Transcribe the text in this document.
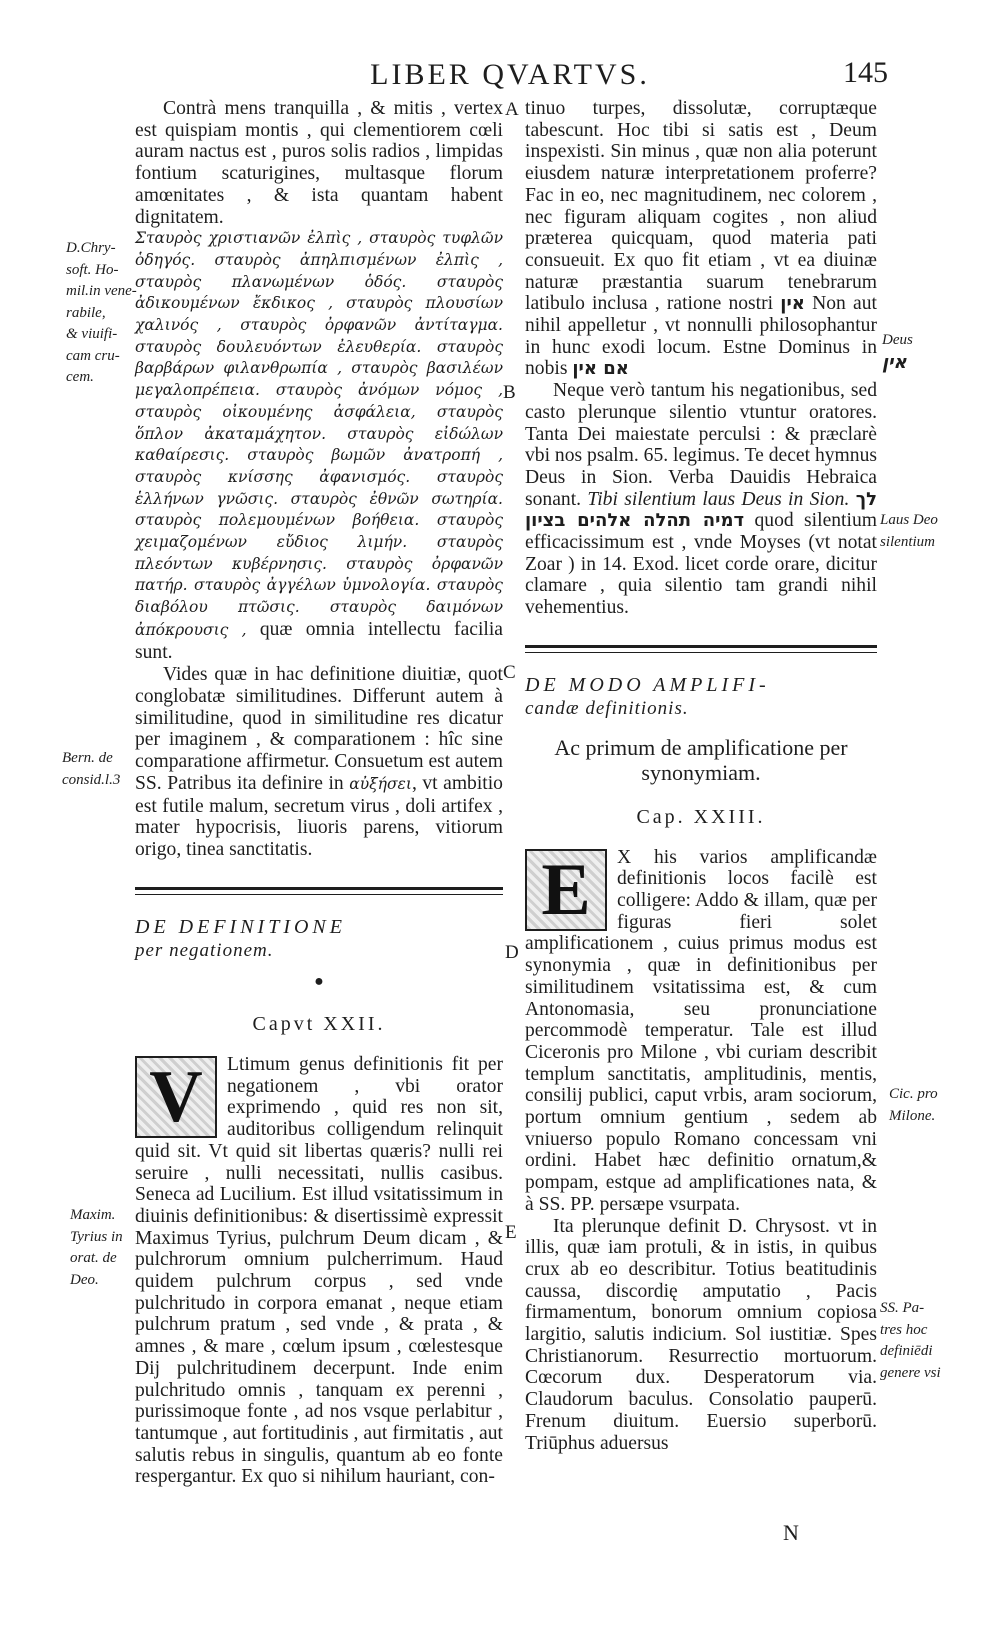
LIBER QVARTVS.	145

Contrà mens tranquilla , & mitis , vertex est quispiam montis , qui clementiorem cœli auram nactus est , puros solis radios , limpidas fontium scaturigines, multasque florum amœnitates , & ista quantam habent dignitatem.

Σταυρὸς χριστιανῶν ἐλπὶς , σταυρὸς τυφλῶν ὁδηγός. σταυρὸς ἀπηλπισμένων ἐλπὶς , σταυρὸς πλανωμένων ὁδός. σταυρὸς ἀδικουμένων ἔκδικος , σταυρὸς πλουσίων χαλινός , σταυρὸς ὀρφανῶν ἀντίταγμα. σταυρὸς δουλευόντων ἐλευθερία. σταυρὸς βαρβάρων φιλανθρωπία , σταυρὸς βασιλέων μεγαλοπρέπεια. σταυρὸς ἀνόμων νόμος , σταυρὸς οἰκουμένης ἀσφάλεια, σταυρὸς ὅπλον ἀκαταμάχητον. σταυρὸς εἰδώλων καθαίρεσις. σταυρὸς βωμῶν ἀνατροπή , σταυρὸς κνίσσης ἀφανισμός. σταυρὸς ἑλλήνων γνῶσις. σταυρὸς ἐθνῶν σωτηρία. σταυρὸς πολεμουμένων βοήθεια. σταυρὸς χειμαζομένων εὔδιος λιμήν. σταυρὸς πλεόντων κυβέρνησις. σταυρὸς ὀρφανῶν πατήρ. σταυρὸς ἀγγέλων ὑμνολογία. σταυρὸς διαβόλου πτῶσις. σταυρὸς δαιμόνων ἀπόκρουσις , quæ omnia intellectu facilia sunt.

Vides quæ in hac definitione diuitiæ, quot conglobatæ similitudines. Differunt autem à similitudine, quod in similitudine res dicatur per imaginem , & comparationem : hîc sine comparatione affirmetur. Consuetum est autem SS. Patribus ita definire in αὐξήσει, vt ambitio est futile malum, secretum virus , doli artifex , mater hypocrisis, liuoris parens, vitiorum origo, tinea sanctitatis.

DE DEFINITIONE

per negationem.

●
Capvt XXII.

V	Ltimum genus definitionis fit per negationem , vbi orator exprimendo , quid res non sit, auditoribus colligendum relinquit quid sit. Vt quid sit libertas quæris? nulli rei seruire , nulli necessitati, nullis casibus. Seneca ad Lucilium. Est illud vsitatissimum in diuinis definitionibus: & disertissimè expressit Maximus Tyrius, pulchrum Deum dicam , & pulchrorum omnium pulcherrimum. Haud quidem pulchrum corpus , sed vnde pulchritudo in corpora emanat , neque etiam pulchrum pratum , sed vnde , & prata , & amnes , & mare , cœlum ipsum , cœlestesque Dij pulchritudinem decerpunt. Inde enim pulchritudo omnis , tanquam ex perenni , purissimoque fonte , ad nos vsque perlabitur , tantumque , aut fortitudinis , aut firmitatis , aut salutis rebus in singulis, quantum ab eo fonte respergantur. Ex quo si nihilum hauriant, con-

tinuo turpes, dissolutæ, corruptæque tabescunt. Hoc tibi si satis est , Deum inspexisti. Sin minus , quæ non alia poterunt eiusdem naturæ interpretationem proferre? Fac in eo, nec magnitudinem, nec colorem , nec figuram aliquam cogites , non aliud præterea quicquam, quod materia pati consueuit. Ex quo fit etiam , vt ea diuinæ naturæ præstantia suarum tenebrarum latibulo inclusa , ratione nostri אין Non aut nihil appelletur , vt nonnulli philosophantur in hunc exodi locum. Estne Dominus in nobis אם אין

Neque verò tantum his negationibus, sed casto plerunque silentio vtuntur oratores. Tanta Dei maiestate perculsi : & præclarè vbi nos psalm. 65. legimus. Te decet hymnus Deus in Sion. Verba Dauidis Hebraica sonant. Tibi silentium laus Deus in Sion. לך דמיה תהלה אלהים בציון quod silentium efficacissimum est , vnde Moyses (vt notat Zoar ) in 14. Exod. licet corde orare, dicitur clamare , quia silentio tam grandi nihil vehementius.

DE MODO AMPLIFI-

candæ definitionis.

Ac primum de amplificatione per synonymiam.
Cap. XXIII.

E	X his varios amplificandæ definitionis locos facilè est colligere: Addo & illam, quæ per figuras fieri solet amplificationem , cuius primus modus est synonymia , quæ in definitionibus per similitudinem vsitatissima est, & cum Antonomasia, seu pronunciatione percommodè temperatur. Tale est illud Ciceronis pro Milone , vbi curiam describit templum sanctitatis, amplitudinis, mentis, consilij publici, caput vrbis, aram sociorum, portum omnium gentium , sedem ab vniuerso populo Romano concessam vni ordini. Habet hæc definitio ornatum,& pompam, estque ad amplificationes nata, & à SS. PP. persæpe vsurpata.

Ita plerunque definit D. Chrysost. vt in illis, quæ iam protuli, & in istis, in quibus crux ab eo describitur. Totius beatitudinis caussa, discordię amputatio , Pacis firmamentum, bonorum omnium copiosa largitio, salutis indicium. Sol iustitiæ. Spes Christianorum. Resurrectio mortuorum. Cœcorum dux. Desperatorum via. Claudorum baculus. Consolatio pauperū. Frenum diuitum. Euersio superborū. Triūphus aduersus

N
D.Chry-
soft. Ho-
mil.in vene-
rabile,
& viuifi-
cam cru-
cem.
Bern. de
consid.l.3
Maxim.
Tyrius in
orat. de
Deo.
Deus
אין
Laus Deo
silentium
Cic. pro
Milone.
SS. Pa-
tres hoc
definiēdi
genere vsi
A
B
C
D
E
